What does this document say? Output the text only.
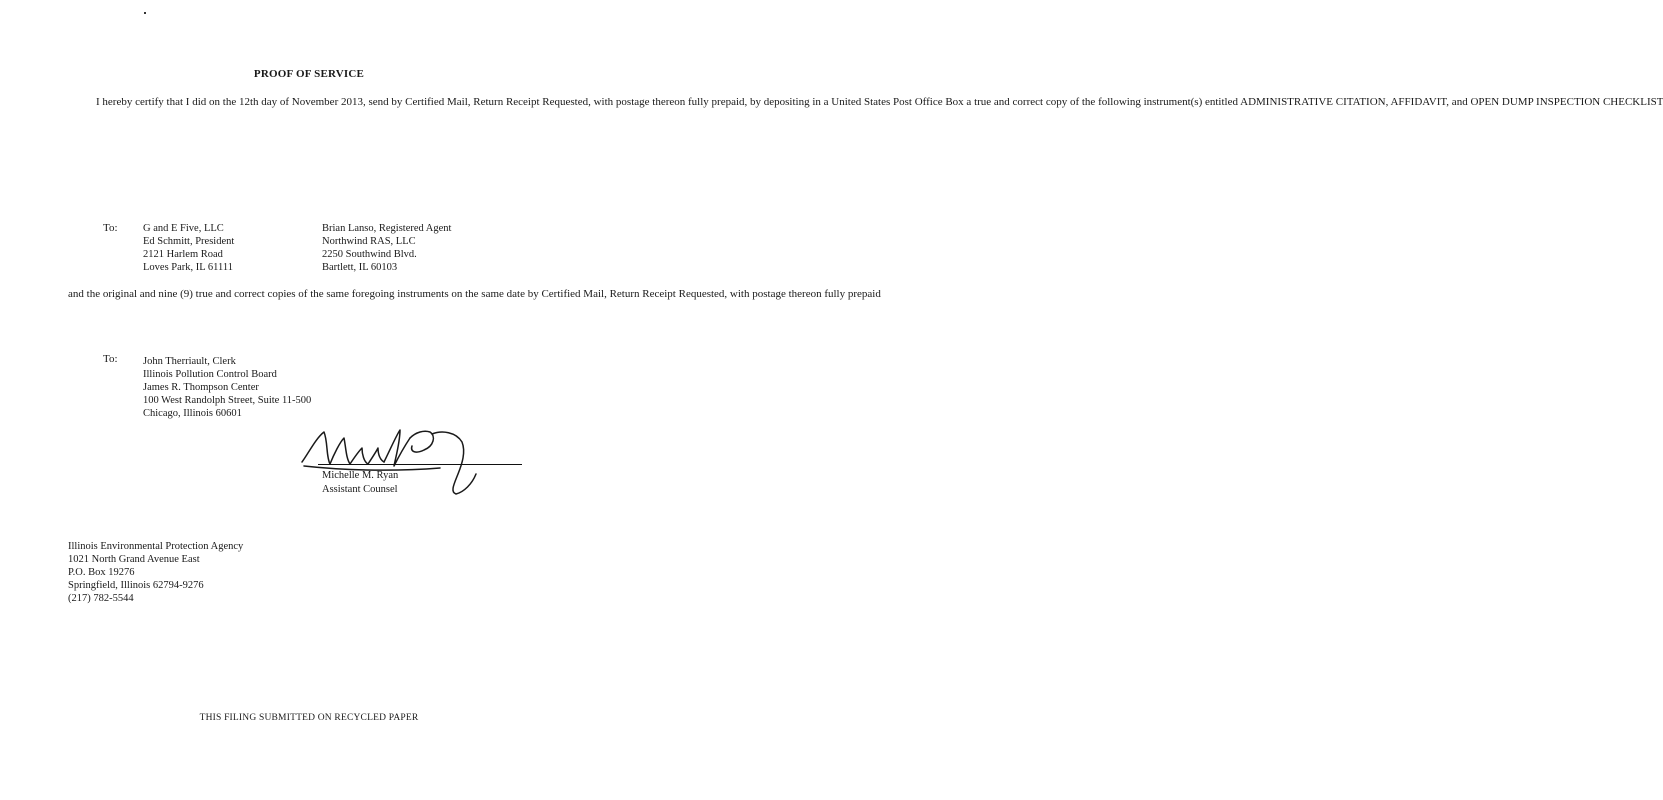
PROOF OF SERVICE
I hereby certify that I did on the 12th day of November 2013, send by Certified Mail, Return Receipt Requested, with postage thereon fully prepaid, by depositing in a United States Post Office Box a true and correct copy of the following instrument(s) entitled ADMINISTRATIVE CITATION, AFFIDAVIT, and OPEN DUMP INSPECTION CHECKLIST
To: G and E Five, LLC
Ed Schmitt, President
2121 Harlem Road
Loves Park, IL 61111
Brian Lanso, Registered Agent
Northwind RAS, LLC
2250 Southwind Blvd.
Bartlett, IL 60103
and the original and nine (9) true and correct copies of the same foregoing instruments on the same date by Certified Mail, Return Receipt Requested, with postage thereon fully prepaid
To: John Therriault, Clerk
Illinois Pollution Control Board
James R. Thompson Center
100 West Randolph Street, Suite 11-500
Chicago, Illinois 60601
Michelle M. Ryan
Assistant Counsel
Illinois Environmental Protection Agency
1021 North Grand Avenue East
P.O. Box 19276
Springfield, Illinois 62794-9276
(217) 782-5544
THIS FILING SUBMITTED ON RECYCLED PAPER
